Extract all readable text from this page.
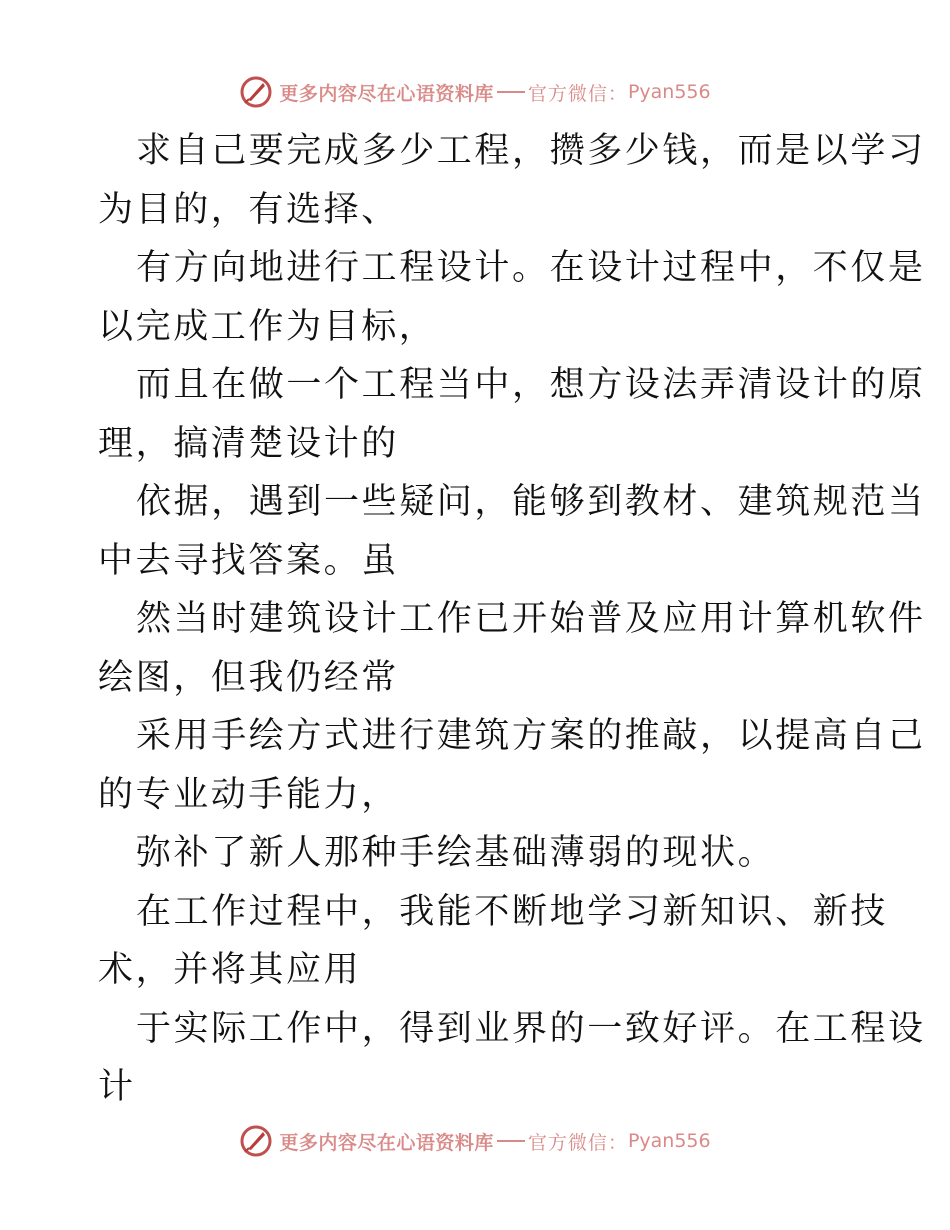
更多内容尽在心语资料库 官方微信： Pyan556
求自己要完成多少工程，攒多少钱，而是以学习
为目的，有选择、
有方向地进行工程设计。在设计过程中，不仅是
以完成工作为目标，
而且在做一个工程当中，想方设法弄清设计的原
理，搞清楚设计的
依据，遇到一些疑问，能够到教材、建筑规范当
中去寻找答案。虽
然当时建筑设计工作已开始普及应用计算机软件
绘图，但我仍经常
采用手绘方式进行建筑方案的推敲，以提高自己
的专业动手能力，
弥补了新人那种手绘基础薄弱的现状。
在工作过程中，我能不断地学习新知识、新技
术，并将其应用
于实际工作中，得到业界的一致好评。在工程设
计
更多内容尽在心语资料库 官方微信： Pyan556
